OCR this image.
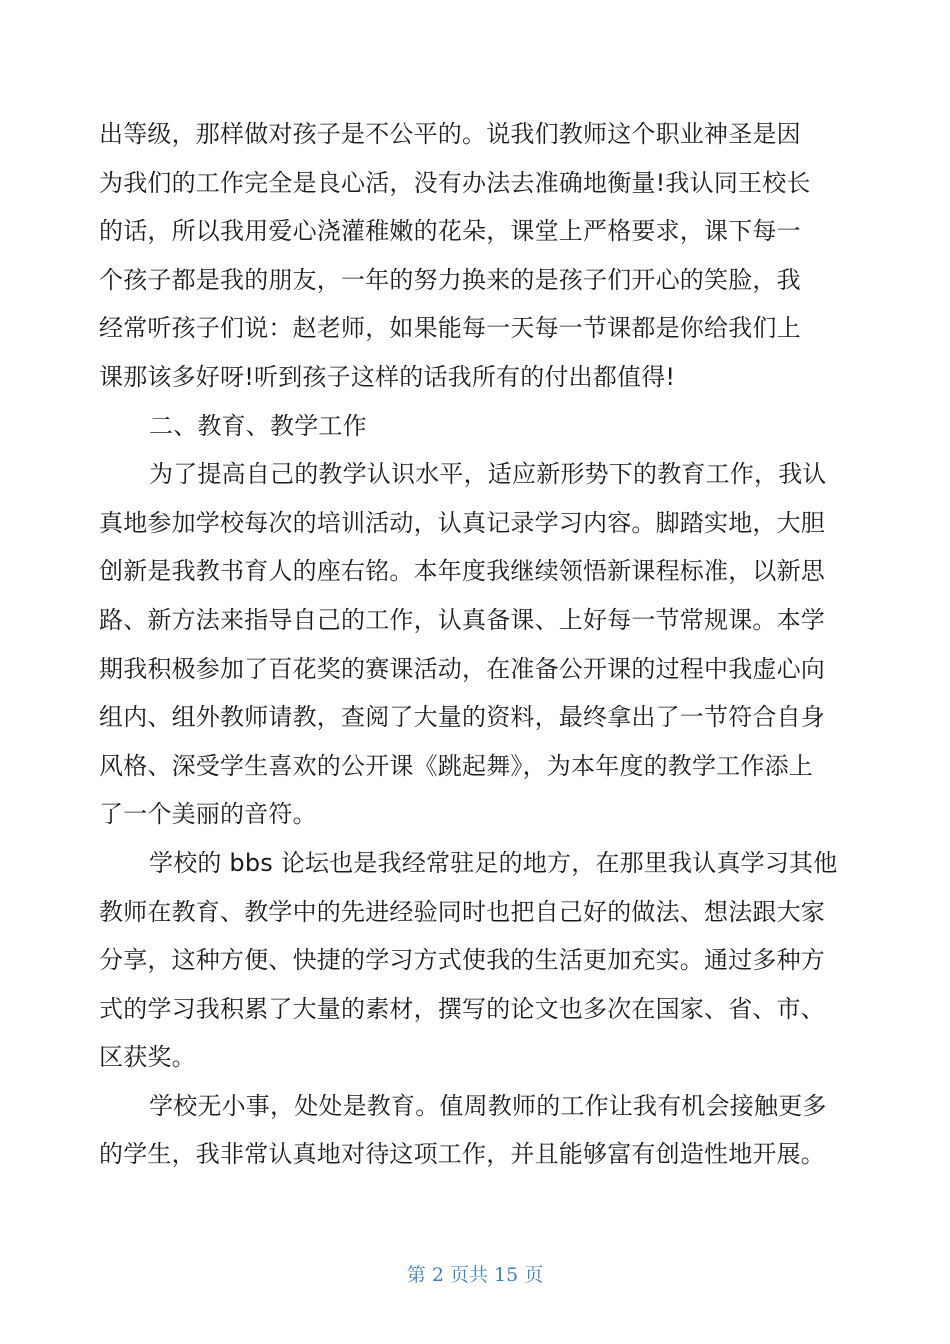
出等级，那样做对孩子是不公平的。说我们教师这个职业神圣是因
为我们的工作完全是良心活，没有办法去准确地衡量!我认同王校长
的话，所以我用爱心浇灌稚嫩的花朵，课堂上严格要求，课下每一
个孩子都是我的朋友，一年的努力换来的是孩子们开心的笑脸，我
经常听孩子们说：赵老师，如果能每一天每一节课都是你给我们上
课那该多好呀!听到孩子这样的话我所有的付出都值得!
二、教育、教学工作
为了提高自己的教学认识水平，适应新形势下的教育工作，我认
真地参加学校每次的培训活动，认真记录学习内容。脚踏实地，大胆
创新是我教书育人的座右铭。本年度我继续领悟新课程标准，以新思
路、新方法来指导自己的工作，认真备课、上好每一节常规课。本学
期我积极参加了百花奖的赛课活动，在准备公开课的过程中我虚心向
组内、组外教师请教，查阅了大量的资料，最终拿出了一节符合自身
风格、深受学生喜欢的公开课《跳起舞》，为本年度的教学工作添上
了一个美丽的音符。
学校的 bbs 论坛也是我经常驻足的地方，在那里我认真学习其他
教师在教育、教学中的先进经验同时也把自己好的做法、想法跟大家
分享，这种方便、快捷的学习方式使我的生活更加充实。通过多种方
式的学习我积累了大量的素材，撰写的论文也多次在国家、省、市、
区获奖。
学校无小事，处处是教育。值周教师的工作让我有机会接触更多
的学生，我非常认真地对待这项工作，并且能够富有创造性地开展。
第 2 页共 15 页
